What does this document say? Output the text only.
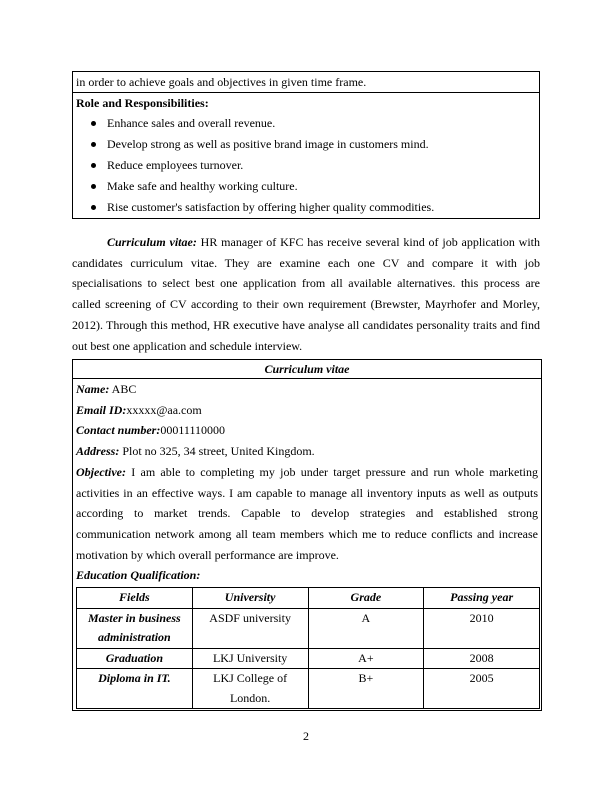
in order to achieve goals and objectives in given time frame.
Role and Responsibilities:
Enhance sales and overall revenue.
Develop strong as well as positive brand image in customers mind.
Reduce employees turnover.
Make safe and healthy working culture.
Rise customer's satisfaction by offering higher quality commodities.

Curriculum vitae: HR manager of KFC has receive several kind of job application with candidates curriculum vitae. They are examine each one CV and compare it with job specialisations to select best one application from all available alternatives. this process are called screening of CV according to their own requirement (Brewster, Mayrhofer and Morley, 2012). Through this method, HR executive have analyse all candidates personality traits and find out best one application and schedule interview.

Curriculum vitae

Name: ABC

Email ID:xxxxx@aa.com

Contact number:00011110000

Address: Plot no 325, 34 street, United Kingdom.

Objective: I am able to completing my job under target pressure and run whole marketing activities in an effective ways. I am capable to manage all inventory inputs as well as outputs according to market trends. Capable to develop strategies and established strong communication network among all team members which me to reduce conflicts and increase motivation by which overall performance are improve.

Education Qualification:

Fields	University	Grade	Passing year
Master in business administration	ASDF university	A	2010
Graduation	LKJ University	A+	2008
Diploma in IT.	LKJ College of London.	B+	2005
2
